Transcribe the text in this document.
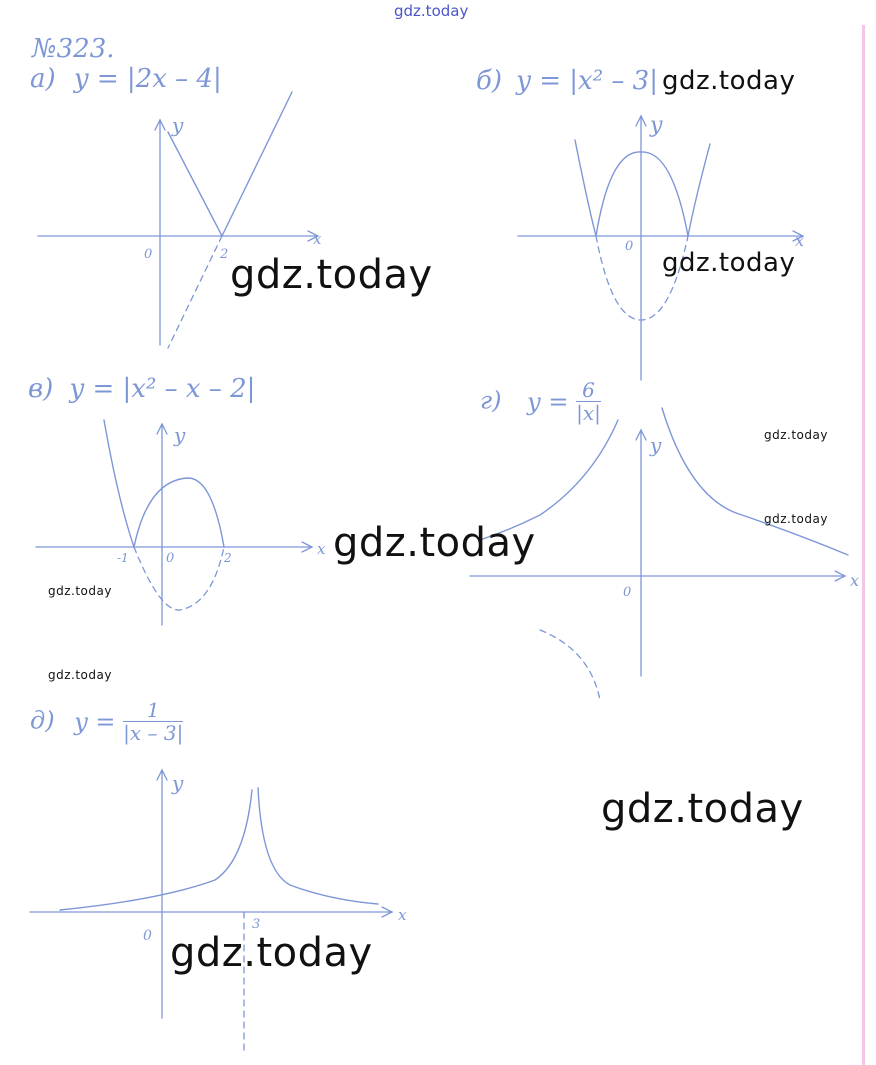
gdz.today
№323.
а) y = |2x – 4|	б) y = |x² – 3|
в) y = |x² – x – 2|	г) $y = \frac{6}{|x|}$
д) $y = \frac{1}{|x - 3|}$
x
y
0	2
x
y
0
x
y
0
-1	2
x
y
0
x
y
0
3
gdz.today
gdz.today	gdz.today
gdz.today
gdz.today
gdz.today
gdz.today
gdz.today
gdz.today
gdz.today
